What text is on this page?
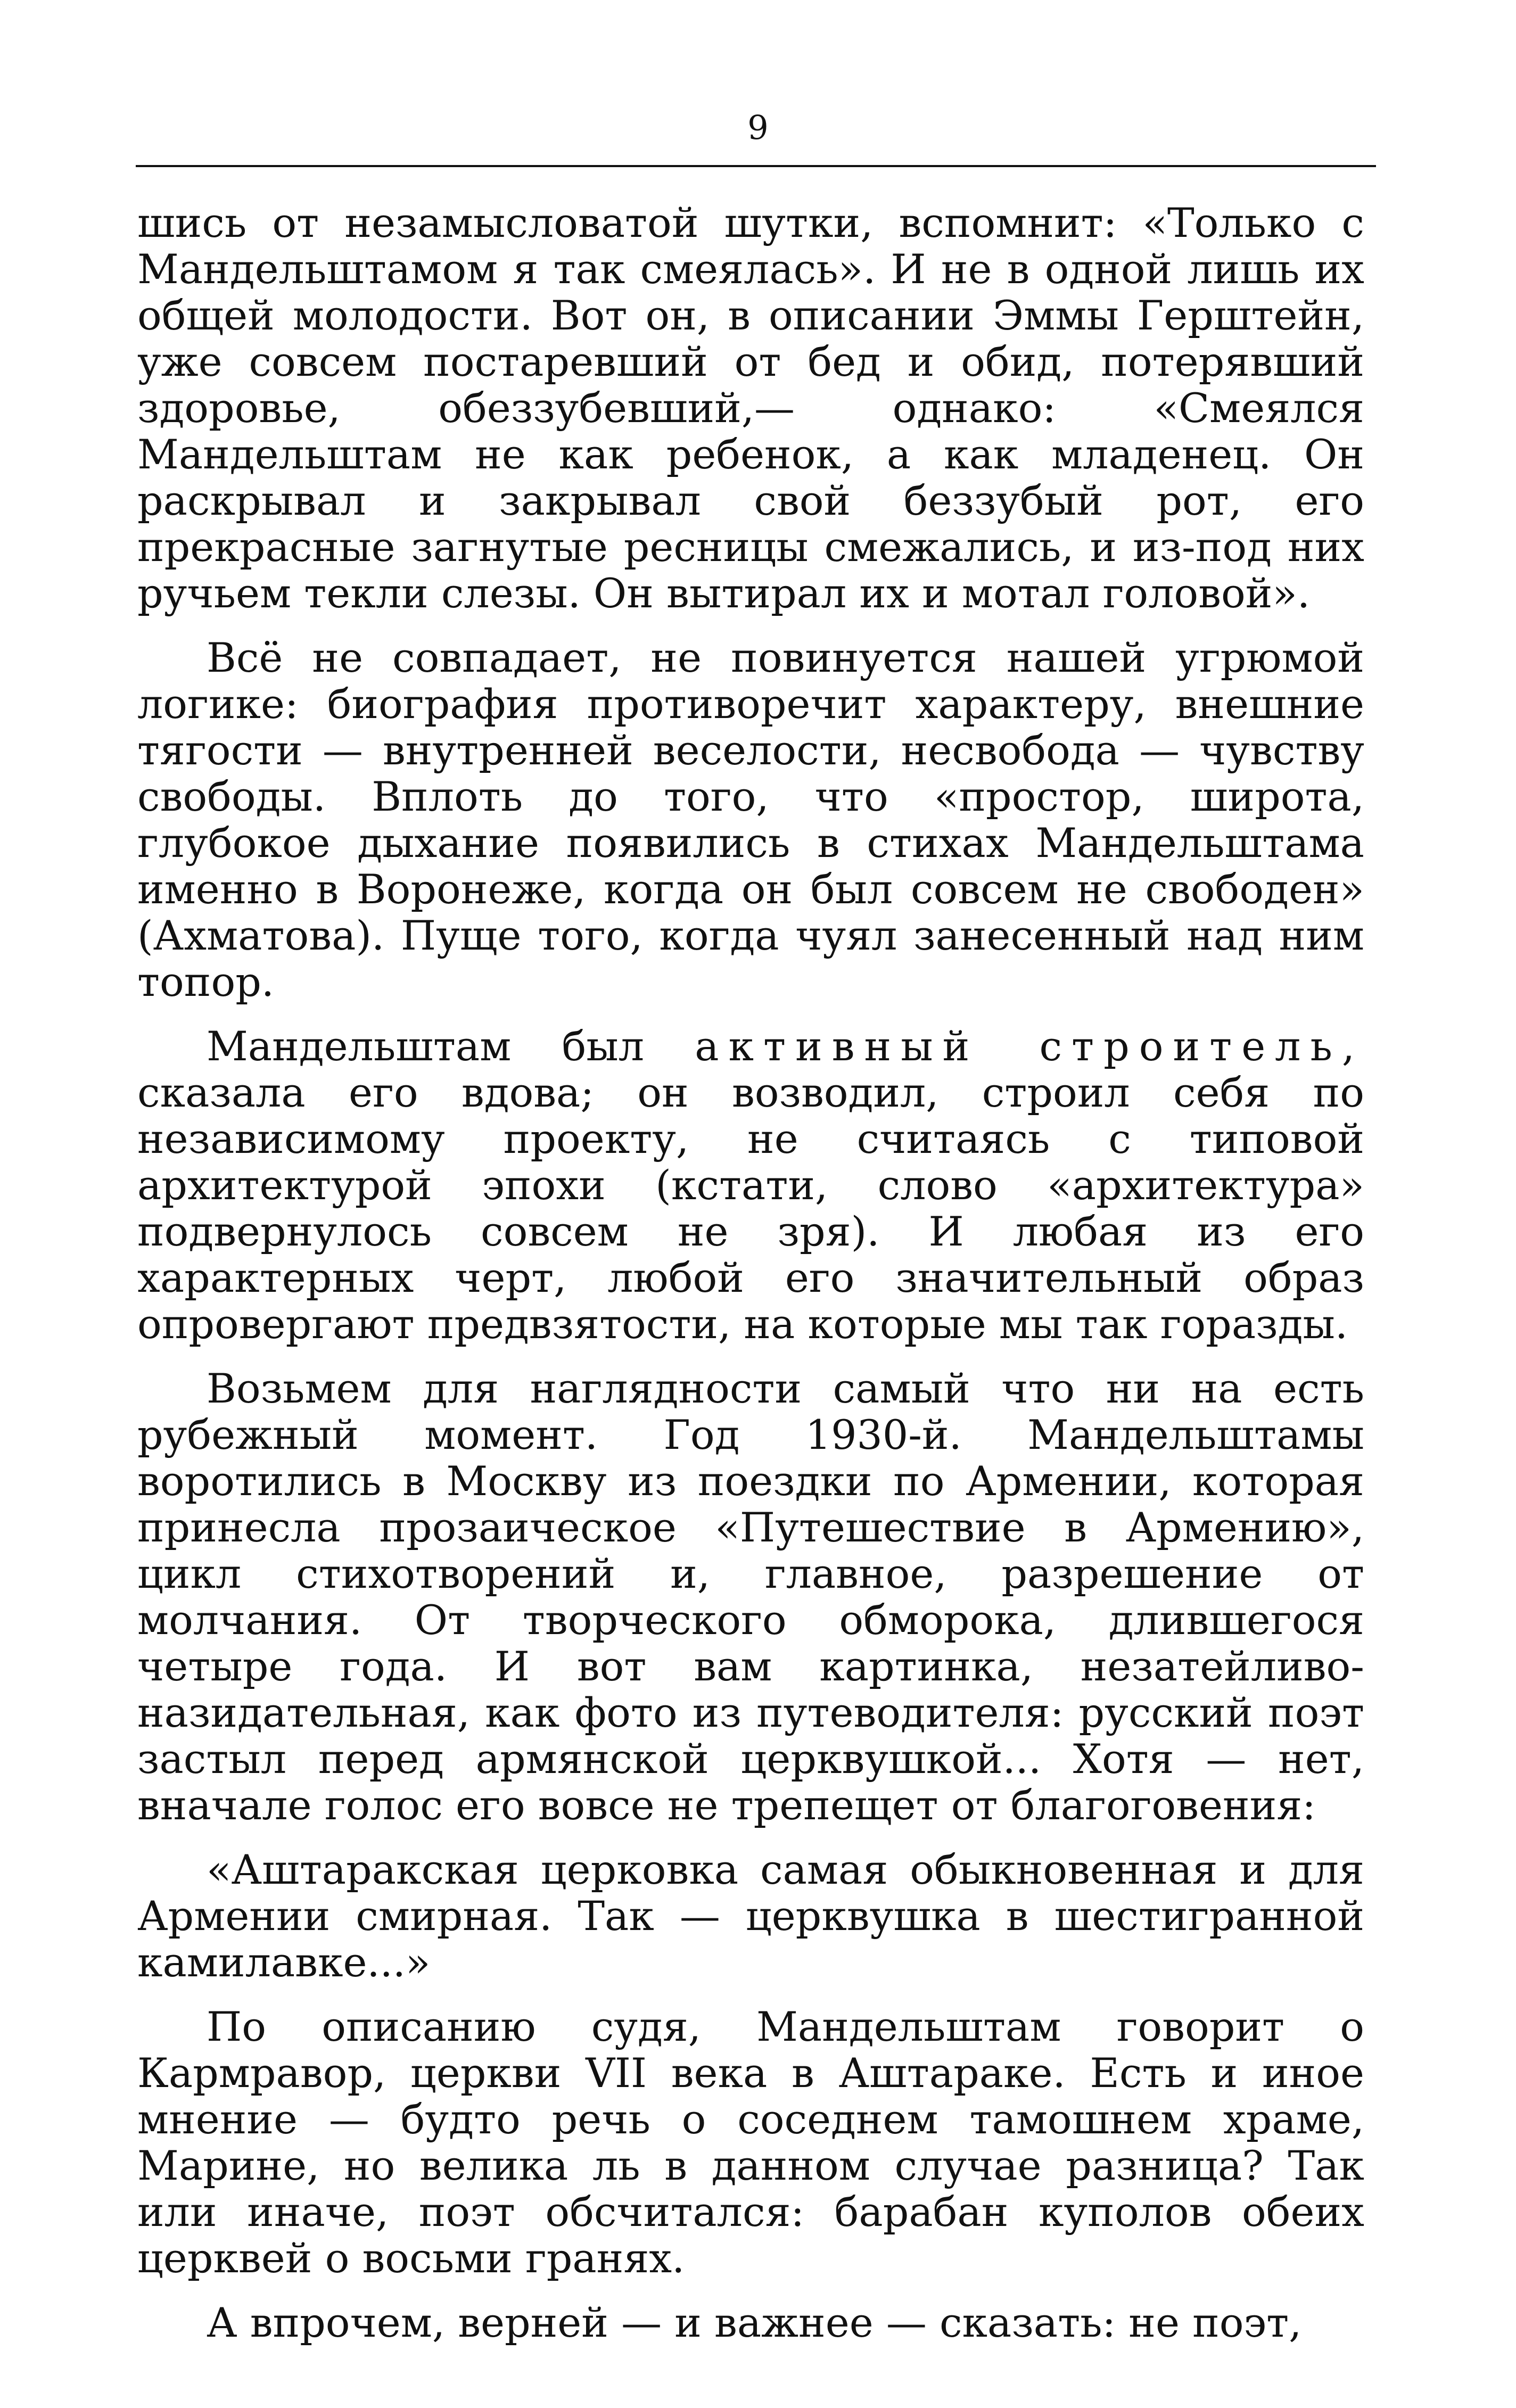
9

шись от незамысловатой шутки, вспомнит: «Только с Мандельштамом я так смеялась». И не в одной лишь их общей молодости. Вот он, в описании Эммы Герштейн, уже совсем постаревший от бед и обид, потерявший здоровье, обеззубевший,— однако: «Смеялся Мандельштам не как ребенок, а как младенец. Он раскрывал и закрывал свой беззубый рот, его прекрасные загнутые ресницы смежались, и из-под них ручьем текли слезы. Он вытирал их и мотал головой».

Всё не совпадает, не повинуется нашей угрюмой логике: биография противоречит характеру, внешние тягости — внутренней веселости, несвобода — чувству свободы. Вплоть до того, что «простор, широта, глубокое дыхание появились в стихах Мандельштама именно в Воронеже, когда он был совсем не свободен» (Ахматова). Пуще того, когда чуял занесенный над ним топор.

Мандельштам был активный строитель, сказала его вдова; он возводил, строил себя по независимому проекту, не считаясь с типовой архитектурой эпохи (кстати, слово «архитектура» подвернулось совсем не зря). И любая из его характерных черт, любой его значительный образ опровергают предвзятости, на которые мы так горазды.

Возьмем для наглядности самый что ни на есть рубежный момент. Год 1930-й. Мандельштамы воротились в Москву из поездки по Армении, которая принесла прозаическое «Путешествие в Армению», цикл стихотворений и, главное, разрешение от молчания. От творческого обморока, длившегося четыре года. И вот вам картинка, незатейливо-назидательная, как фото из путеводителя: русский поэт застыл перед армянской церквушкой... Хотя — нет, вначале голос его вовсе не трепещет от благоговения:

«Аштаракская церковка самая обыкновенная и для Армении смирная. Так — церквушка в шестигранной камилавке...»

По описанию судя, Мандельштам говорит о Кармравор, церкви VII века в Аштараке. Есть и иное мнение — будто речь о соседнем тамошнем храме, Марине, но велика ль в данном случае разница? Так или иначе, поэт обсчитался: барабан куполов обеих церквей о восьми гранях.

А впрочем, верней — и важнее — сказать: не поэт,
